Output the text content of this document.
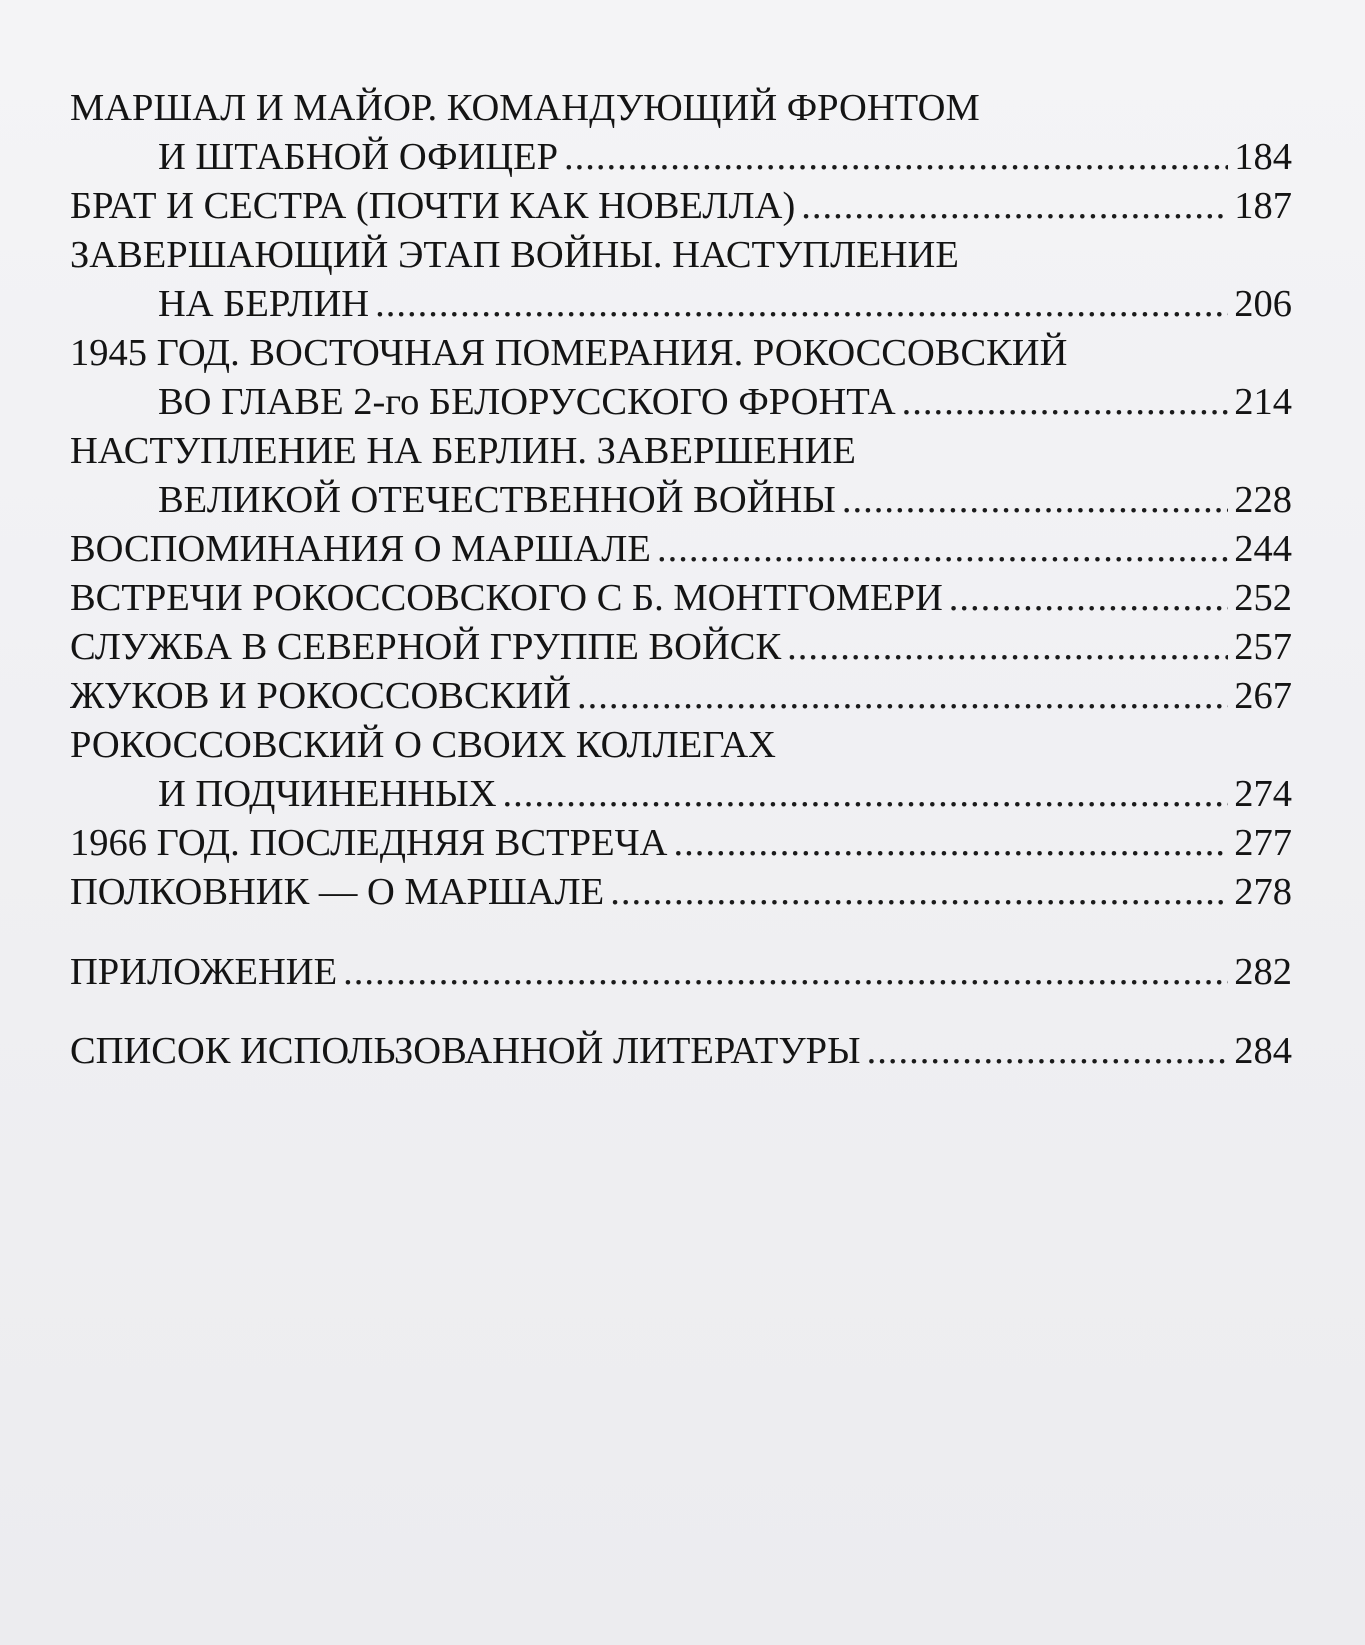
МАРШАЛ И МАЙОР. КОМАНДУЮЩИЙ ФРОНТОМ
И ШТАБНОЙ ОФИЦЕР .....	184
БРАТ И СЕСТРА (ПОЧТИ КАК НОВЕЛЛА) .....	187
ЗАВЕРШАЮЩИЙ ЭТАП ВОЙНЫ. НАСТУПЛЕНИЕ
НА БЕРЛИН .....	206
1945 ГОД. ВОСТОЧНАЯ ПОМЕРАНИЯ. РОКОССОВСКИЙ
ВО ГЛАВЕ 2-го БЕЛОРУССКОГО ФРОНТА .....	214
НАСТУПЛЕНИЕ НА БЕРЛИН. ЗАВЕРШЕНИЕ
ВЕЛИКОЙ ОТЕЧЕСТВЕННОЙ ВОЙНЫ .....	228
ВОСПОМИНАНИЯ О МАРШАЛЕ .....	244
ВСТРЕЧИ РОКОССОВСКОГО С Б. МОНТГОМЕРИ .....	252
СЛУЖБА В СЕВЕРНОЙ ГРУППЕ ВОЙСК .....	257
ЖУКОВ И РОКОССОВСКИЙ .....	267
РОКОССОВСКИЙ О СВОИХ КОЛЛЕГАХ
И ПОДЧИНЕННЫХ .....	274
1966 ГОД. ПОСЛЕДНЯЯ ВСТРЕЧА .....	277
ПОЛКОВНИК — О МАРШАЛЕ .....	278
ПРИЛОЖЕНИЕ .....	282
СПИСОК ИСПОЛЬЗОВАННОЙ ЛИТЕРАТУРЫ .....	284
